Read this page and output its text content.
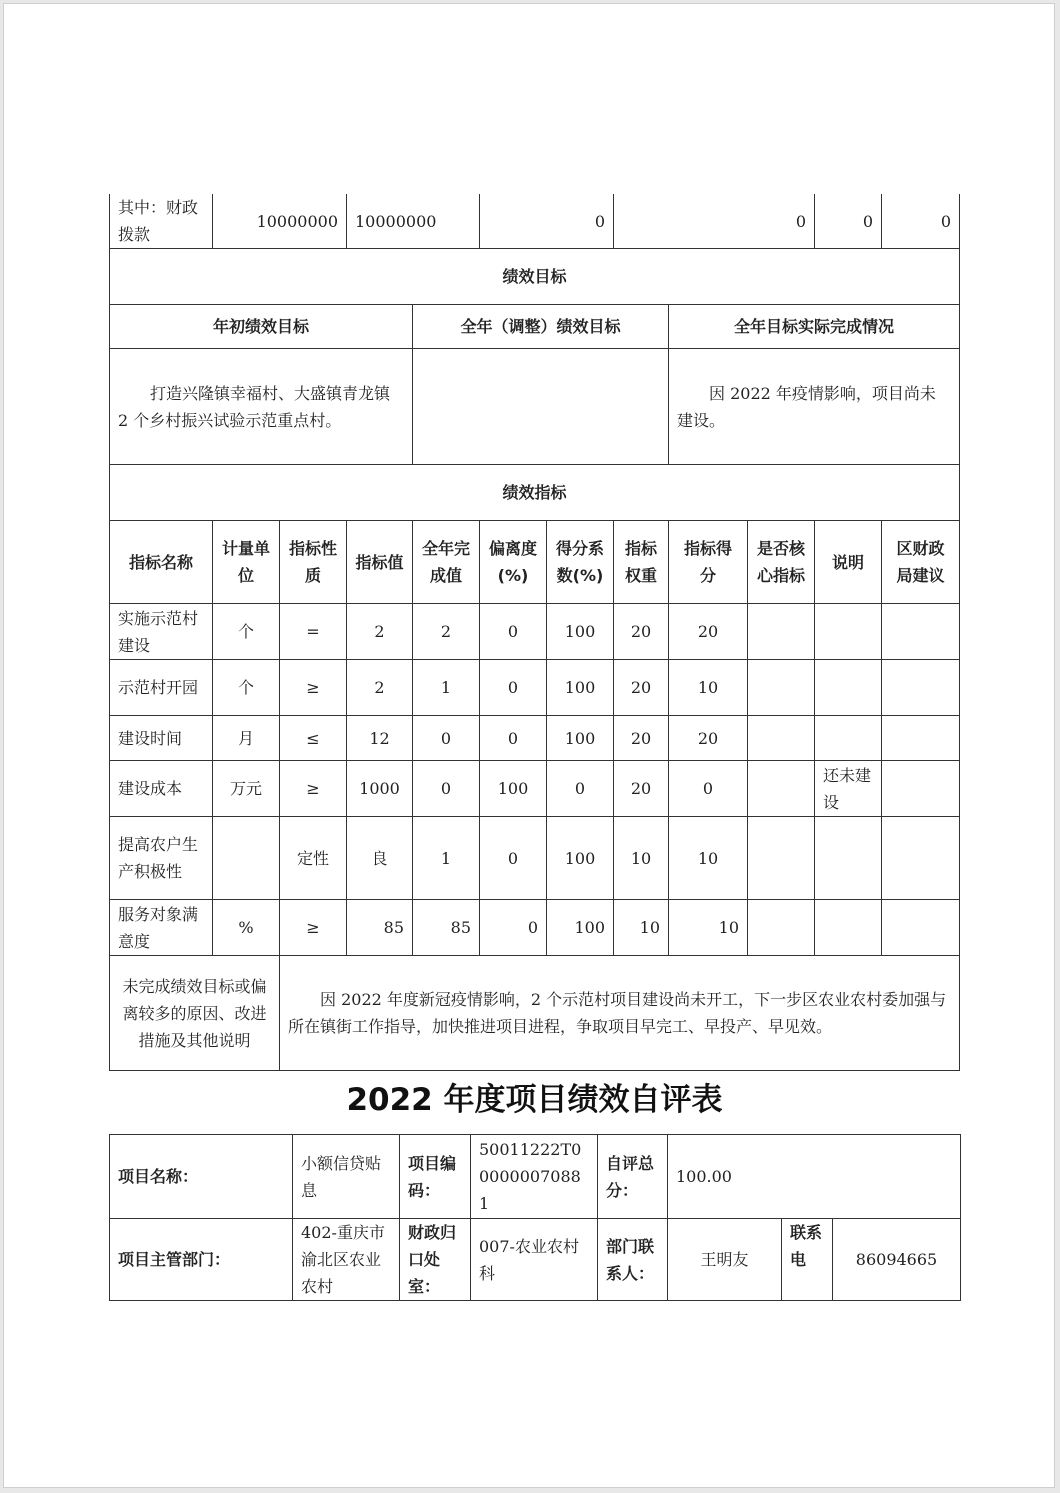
其中：财政拨款	10000000		10000000		0		0			0	0
绩效目标											
年初绩效目标				全年（调整）绩效目标				全年目标实际完成情况			
打造兴隆镇幸福村、大盛镇青龙镇 2 个乡村振兴试验示范重点村。								因 2022 年疫情影响，项目尚未建设。			
绩效指标											
指标名称	计量单位	指标性质	指标值	全年完成值	偏离度(%)	得分系数(%)	指标权重	指标得分	是否核心指标	说明	区财政局建议
实施示范村建设	个	=	2	2	0	100	20	20			
示范村开园	个	≥	2	1	0	100	20	10			
建设时间	月	≤	12	0	0	100	20	20			
建设成本	万元	≥	1000	0	100	0	20	0		还未建设	
提高农户生产积极性		定性	良	1	0	100	10	10			
服务对象满意度	%	≥	85	85	0	100	10	10			
未完成绩效目标或偏离较多的原因、改进措施及其他说明		因 2022 年度新冠疫情影响，2 个示范村项目建设尚未开工，下一步区农业农村委加强与所在镇街工作指导，加快推进项目进程，争取项目早完工、早投产、早见效。									
2022 年度项目绩效自评表
项目名称：	小额信贷贴息	项目编码：	50011222T000000070881	自评总分：	100.00		
项目主管部门：	402-重庆市渝北区农业农村	财政归口处室：	007-农业农村科	部门联系人：	王明友	联系电	86094665
